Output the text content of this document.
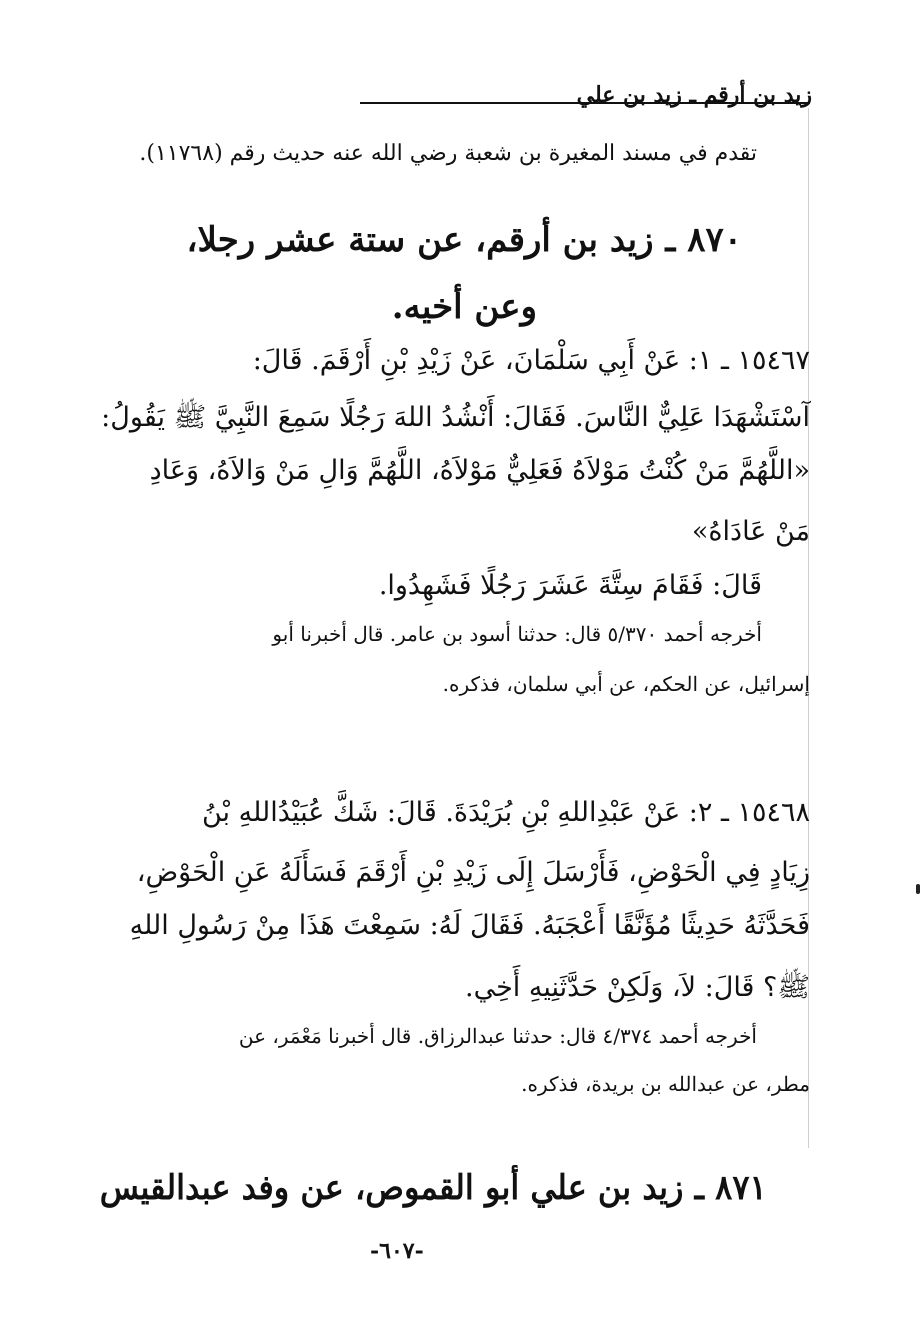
زيد بن أرقم ـ زيد بن علي
تقدم في مسند المغيرة بن شعبة رضي الله عنه حديث رقم (١١٧٦٨).
٨٧٠ ـ زيد بن أرقم، عن ستة عشر رجلا،
وعن أخيه.
١٥٤٦٧ ـ ١: عَنْ أَبِي سَلْمَانَ، عَنْ زَيْدِ بْنِ أَرْقَمَ. قَالَ:
آسْتَشْهَدَا عَلِيٌّ النَّاسَ. فَقَالَ: أَنْشُدُ اللهَ رَجُلًا سَمِعَ النَّبِيَّ ﷺ يَقُولُ:
«اللَّهُمَّ مَنْ كُنْتُ مَوْلاَهُ فَعَلِيٌّ مَوْلاَهُ، اللَّهُمَّ وَالِ مَنْ وَالاَهُ، وَعَادِ
مَنْ عَادَاهُ»
قَالَ: فَقَامَ سِتَّةَ عَشَرَ رَجُلًا فَشَهِدُوا.
أخرجه أحمد ٥/٣٧٠ قال: حدثنا أسود بن عامر. قال أخبرنا أبو
إسرائيل، عن الحكم، عن أبي سلمان، فذكره.
١٥٤٦٨ ـ ٢: عَنْ عَبْدِاللهِ بْنِ بُرَيْدَةَ. قَالَ: شَكَّ عُبَيْدُاللهِ بْنُ
زِيَادٍ فِي الْحَوْضِ، فَأَرْسَلَ إِلَى زَيْدِ بْنِ أَرْقَمَ فَسَأَلَهُ عَنِ الْحَوْضِ،
فَحَدَّثَهُ حَدِيثًا مُؤَنَّقًا أَعْجَبَهُ. فَقَالَ لَهُ: سَمِعْتَ هَذَا مِنْ رَسُولِ اللهِ
ﷺ؟ قَالَ: لاَ، وَلَكِنْ حَدَّثَنِيهِ أَخِي.
أخرجه أحمد ٤/٣٧٤ قال: حدثنا عبدالرزاق. قال أخبرنا مَعْمَر، عن
مطر، عن عبدالله بن بريدة، فذكره.
٨٧١ ـ زيد بن علي أبو القموص، عن وفد عبدالقيس
-٦٠٧-
